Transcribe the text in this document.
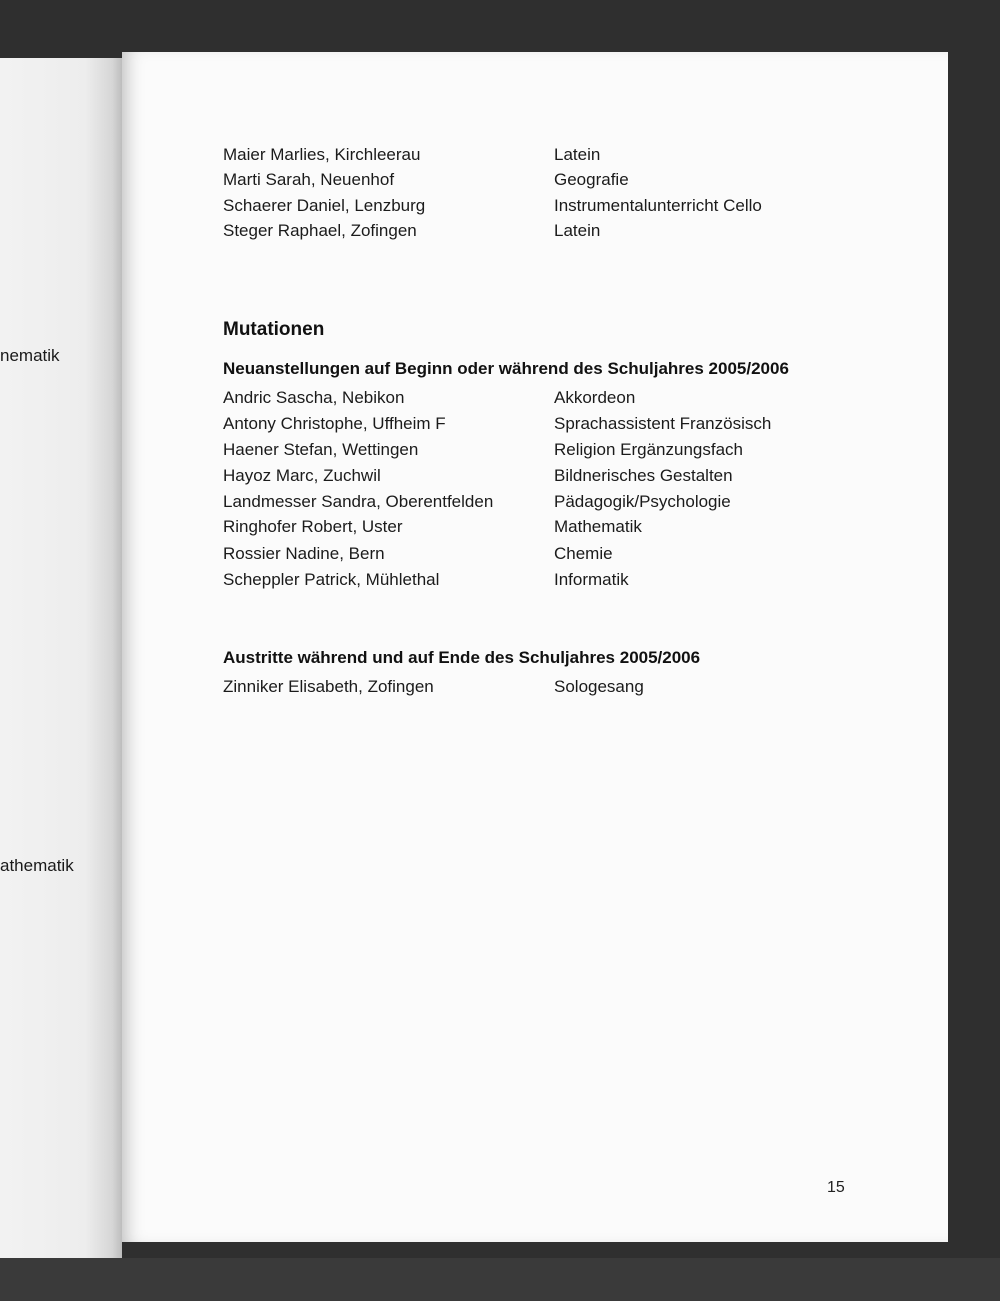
nematik
athematik
Maier Marlies, Kirchleerau	Latein
Marti Sarah, Neuenhof	Geografie
Schaerer Daniel, Lenzburg	Instrumentalunterricht Cello
Steger Raphael, Zofingen	Latein
Mutationen
Neuanstellungen auf Beginn oder während des Schuljahres 2005/2006
Andric Sascha, Nebikon	Akkordeon
Antony Christophe, Uffheim F	Sprachassistent Französisch
Haener Stefan, Wettingen	Religion Ergänzungsfach
Hayoz Marc, Zuchwil	Bildnerisches Gestalten
Landmesser Sandra, Oberentfelden	Pädagogik/Psychologie
Ringhofer Robert, Uster	Mathematik
Rossier Nadine, Bern	Chemie
Scheppler Patrick, Mühlethal	Informatik
Austritte während und auf Ende des Schuljahres 2005/2006
Zinniker Elisabeth, Zofingen	Sologesang
15
